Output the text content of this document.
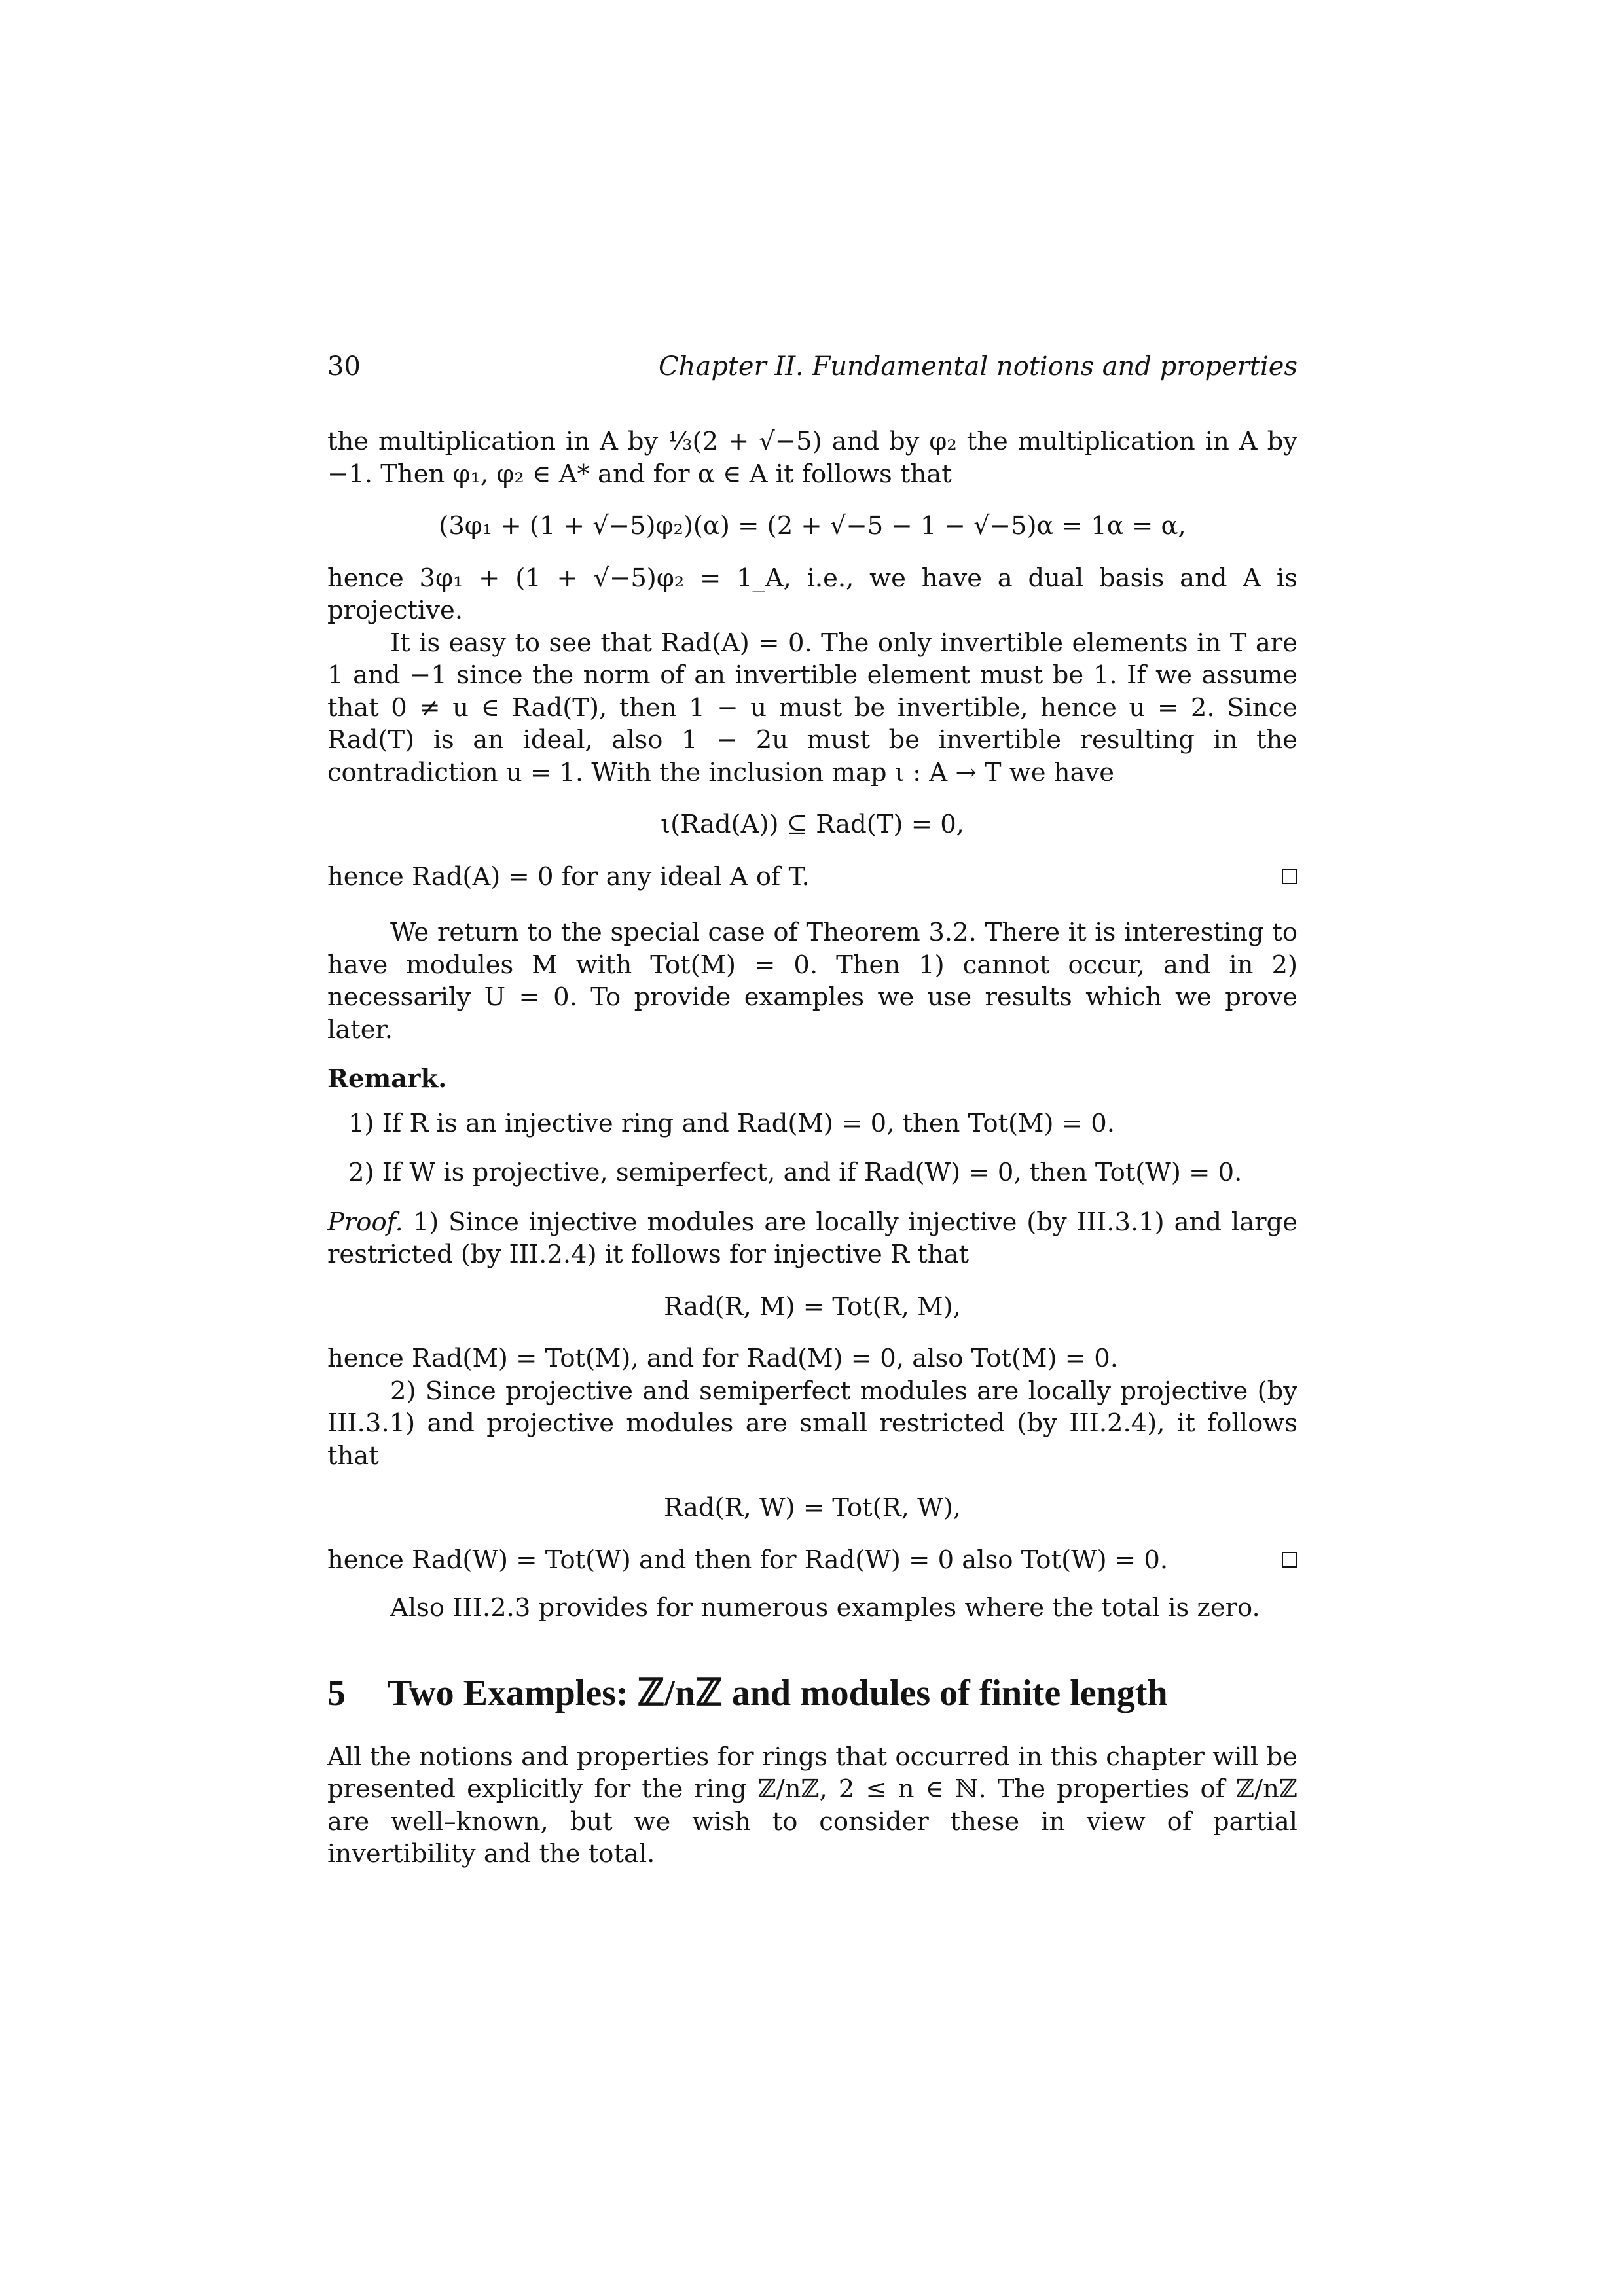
30	Chapter II. Fundamental notions and properties

the multiplication in A by ⅓(2 + √−5) and by φ₂ the multiplication in A by −1. Then φ₁, φ₂ ∈ A* and for α ∈ A it follows that

(3φ₁ + (1 + √−5)φ₂)(α) = (2 + √−5 − 1 − √−5)α = 1α = α,

hence 3φ₁ + (1 + √−5)φ₂ = 1_A, i.e., we have a dual basis and A is projective.

It is easy to see that Rad(A) = 0. The only invertible elements in T are 1 and −1 since the norm of an invertible element must be 1. If we assume that 0 ≠ u ∈ Rad(T), then 1 − u must be invertible, hence u = 2. Since Rad(T) is an ideal, also 1 − 2u must be invertible resulting in the contradiction u = 1. With the inclusion map ι : A → T we have

ι(Rad(A)) ⊆ Rad(T) = 0,

hence Rad(A) = 0 for any ideal A of T.

We return to the special case of Theorem 3.2. There it is interesting to have modules M with Tot(M) = 0. Then 1) cannot occur, and in 2) necessarily U = 0. To provide examples we use results which we prove later.

Remark.

1) If R is an injective ring and Rad(M) = 0, then Tot(M) = 0.
2) If W is projective, semiperfect, and if Rad(W) = 0, then Tot(W) = 0.

Proof. 1) Since injective modules are locally injective (by III.3.1) and large restricted (by III.2.4) it follows for injective R that

Rad(R, M) = Tot(R, M),

hence Rad(M) = Tot(M), and for Rad(M) = 0, also Tot(M) = 0.

2) Since projective and semiperfect modules are locally projective (by III.3.1) and projective modules are small restricted (by III.2.4), it follows that

Rad(R, W) = Tot(R, W),

hence Rad(W) = Tot(W) and then for Rad(W) = 0 also Tot(W) = 0.

Also III.2.3 provides for numerous examples where the total is zero.

5 Two Examples: ℤ/nℤ and modules of finite length

All the notions and properties for rings that occurred in this chapter will be presented explicitly for the ring ℤ/nℤ, 2 ≤ n ∈ ℕ. The properties of ℤ/nℤ are well–known, but we wish to consider these in view of partial invertibility and the total.
